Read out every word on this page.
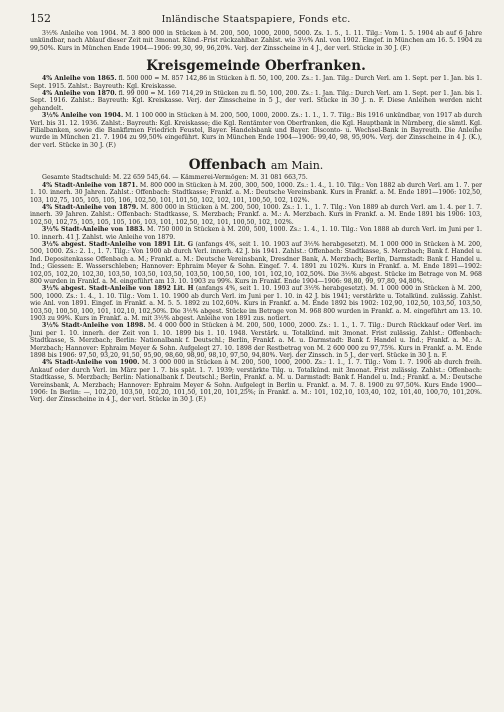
152	Inländische Staatspapiere, Fonds etc.

3½% Anleihe von 1904. M. 3 800 000 in Stücken à M. 200, 500, 1000, 2000, 5000. Zs. 1. 5., 1. 11. Tilg.: Vom 1. 5. 1904 ab auf 6 Jahre unkündbar, nach Ablauf dieser Zeit mit 3monat. Künd.-Frist rückzahlbar. Zahlst. wie 3½% Anl. von 1902. Eingef. in München am 16. 5. 1904 zu 99,50%. Kurs in München Ende 1904—1906: 99,30, 99, 96,20%. Verj. der Zinsscheine in 4 J., der verl. Stücke in 30 J. (F.)

Kreisgemeinde Oberfranken.

4% Anleihe von 1865. fl. 500 000 = M. 857 142,86 in Stücken à fl. 50, 100, 200. Zs.: 1. Jan. Tilg.: Durch Verl. am 1. Sept. per 1. Jan. bis 1. Sept. 1915. Zahlst.: Bayreuth: Kgl. Kreiskasse.

4% Anleihe von 1870. fl. 99 000 = M. 169 714,29 in Stücken zu fl. 50, 100, 200. Zs.: 1. Jan. Tilg.: Durch Verl. am 1. Sept. per 1. Jan. bis 1. Sept. 1916. Zahlst.: Bayreuth: Kgl. Kreiskasse. Verj. der Zinsscheine in 5 J., der verl. Stücke in 30 J. n. F. Diese Anleihen werden nicht gehandelt.

3½% Anleihe von 1904. M. 1 100 000 in Stücken à M. 200, 500, 1000, 2000. Zs.: 1. 1., 1. 7. Tilg.: Bis 1916 unkündbar, von 1917 ab durch Verl. bis 31. 12. 1936. Zahlst.: Bayreuth: Kgl. Kreiskasse; die Kgl. Rentämter von Oberfranken, die Kgl. Hauptbank in Nürnberg, die sämtl. Kgl. Filialbanken, sowie die Bankfirmen Friedrich Feustel, Bayer. Handelsbank und Bayer. Disconto- u. Wechsel-Bank in Bayreuth. Die Anleihe wurde in München 21. 7. 1904 zu 99,50% eingeführt. Kurs in München Ende 1904—1906: 99,40, 98, 95,90%. Verj. der Zinsscheine in 4 J. (K.), der verl. Stücke in 30 J. (F.)

Offenbach am Main.

Gesamte Stadtschuld: M. 22 659 545,64. — Kämmerei-Vermögen: M. 31 081 663,75.

4% Stadt-Anleihe von 1871. M. 800 000 in Stücken à M. 200, 300, 500, 1000. Zs.: 1. 4., 1. 10. Tilg.: Von 1882 ab durch Verl. am 1. 7. per 1. 10. innerh. 30 Jahren. Zahlst.: Offenbach: Stadtkasse; Frankf. a. M.: Deutsche Vereinsbank. Kurs in Frankf. a. M. Ende 1891—1906: 102,50, 103, 102,75, 105, 105, 105, 106, 102,50, 101, 101,50, 102, 102, 101, 100,50, 102, 102%.

4% Stadt-Anleihe von 1879. M. 800 000 in Stücken à M. 200, 500, 1000. Zs.: 1. 1., 1. 7. Tilg.: Von 1889 ab durch Verl. am 1. 4. per 1. 7. innerh. 39 Jahren. Zahlst.: Offenbach: Stadtkasse, S. Merzbach; Frankf. a. M.: A. Merzbach. Kurs in Frankf. a. M. Ende 1891 bis 1906: 103, 102,50, 102,75, 105, 105, 105, 106, 103, 101, 102,50, 102, 101, 100,50, 102, 102%.

3½% Stadt-Anleihe von 1883. M. 750 000 in Stücken à M. 200, 500, 1000. Zs.: 1. 4., 1. 10. Tilg.: Von 1888 ab durch Verl. im Juni per 1. 10. innerh. 41 J. Zahlst. wie Anleihe von 1879.

3½% abgest. Stadt-Anleihe von 1891 Lit. G (anfangs 4%, seit 1. 10. 1903 auf 3½% herabgesetzt). M. 1 000 000 in Stücken à M. 200, 500, 1000. Zs.: 2. 1., 1. 7. Tilg.: Von 1900 ab durch Verl. innerh. 42 J. bis 1941. Zahlst.: Offenbach: Stadtkasse, S. Merzbach; Bank f. Handel u. Ind. Depositenkasse Offenbach a. M.; Frankf. a. M.: Deutsche Vereinsbank, Dresdner Bank, A. Merzbach; Berlin, Darmstadt: Bank f. Handel u. Ind.; Giessen: E. Wasserschleben; Hannover: Ephraim Meyer & Sohn. Eingef. 7. 4. 1891 zu 102%. Kurs in Frankf. a. M. Ende 1891—1902: 102,05, 102,20, 102,30, 103,50, 103,50, 103,50, 103,50, 100,50, 100, 101, 102,10, 102,50%. Die 3½% abgest. Stücke im Betrage von M. 968 800 wurden in Frankf. a. M. eingeführt am 13. 10. 1903 zu 99%. Kurs in Frankf. Ende 1904—1906: 98,80, 99, 97,80, 94,80%.

3½% abgest. Stadt-Anleihe von 1892 Lit. H (anfangs 4%, seit 1. 10. 1903 auf 3½% herabgesetzt). M. 1 000 000 in Stücken à M. 200, 500, 1000. Zs.: 1. 4., 1. 10. Tilg.: Vom 1. 10. 1900 ab durch Verl. im Juni per 1. 10. in 42 J. bis 1941; verstärkte u. Totalkünd. zulässig. Zahlst. wie Anl. von 1891. Eingef. in Frankf. a. M. 5. 5. 1892 zu 102,60%. Kurs in Frankf. a. M. Ende 1892 bis 1902: 102,90, 102,50, 103,50, 103,50, 103,50, 100,50, 100, 101, 102,10, 102,50%. Die 3½% abgest. Stücke im Betrage von M. 968 800 wurden in Frankf. a. M. eingeführt am 13. 10. 1903 zu 99%. Kurs in Frankf. a. M. mit 3½% abgest. Anleihe von 1891 zus. notiert.

3½% Stadt-Anleihe von 1898. M. 4 000 000 in Stücken à M. 200, 500, 1000, 2000. Zs.: 1. 1., 1. 7. Tilg.: Durch Rückkauf oder Verl. im Juni per 1. 10. innerh. der Zeit von 1. 10. 1899 bis 1. 10. 1948. Verstärk. u. Totalkünd. mit 3monat. Frist zulässig. Zahlst.: Offenbach: Stadtkasse, S. Merzbach; Berlin: Nationalbank f. Deutschl.; Berlin, Frankf. a. M. u. Darmstadt: Bank f. Handel u. Ind.; Frankf. a. M.: A. Merzbach; Hannover: Ephraim Meyer & Sohn. Aufgelegt 27. 10. 1898 der Restbetrag von M. 2 600 000 zu 97,75%. Kurs in Frankf. a. M. Ende 1898 bis 1906: 97,50, 93,20, 91,50, 95,90, 98,60, 98,90, 98,10, 97,50, 94,80%. Verj. der Zinssch. in 5 J., der verl. Stücke in 30 J. n. F.

4% Stadt-Anleihe von 1900. M. 3 000 000 in Stücken à M. 200, 500, 1000, 2000. Zs.: 1. 1., 1. 7. Tilg.: Vom 1. 7. 1906 ab durch freih. Ankauf oder durch Verl. im März per 1. 7. bis spät. 1. 7. 1939; verstärkte Tilg. u. Totalkünd. mit 3monat. Frist zulässig. Zahlst.: Offenbach: Stadtkasse, S. Merzbach; Berlin: Nationalbank f. Deutschl.; Berlin, Frankf. a. M. u. Darmstadt: Bank f. Handel u. Ind.; Frankf. a. M.: Deutsche Vereinsbank, A. Merzbach; Hannover: Ephraim Meyer & Sohn. Aufgelegt in Berlin u. Frankf. a. M. 7. 8. 1900 zu 97,50%. Kurs Ende 1900—1906: In Berlin: —, 102,20, 103,50, 102,20, 101,50, 101,20, 101,25%; in Frankf. a. M.: 101, 102,10, 103,40, 102, 101,40, 100,70, 101,20%. Verj. der Zinsscheine in 4 J., der verl. Stücke in 30 J. (F.)
